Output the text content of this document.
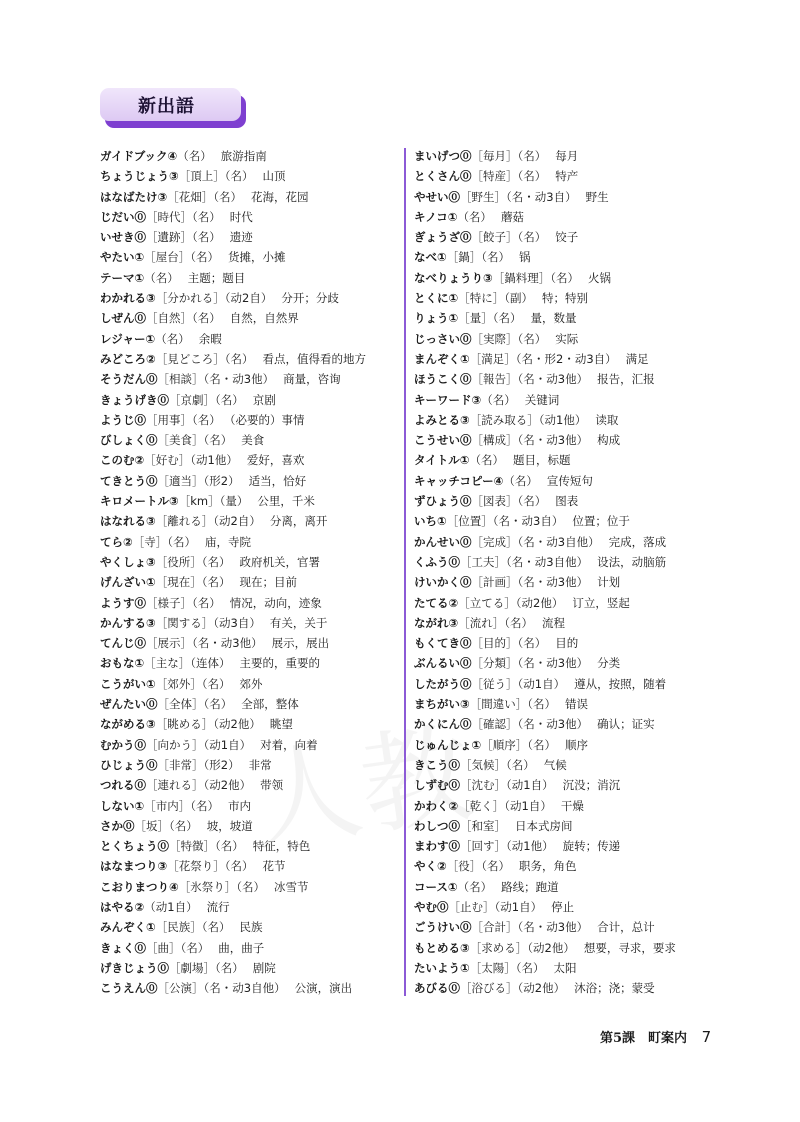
新出語
ガイドブック④（名） 旅游指南
ちょうじょう③［頂上］（名） 山顶
はなばたけ③［花畑］（名） 花海，花园
じだい⓪［時代］（名） 时代
いせき⓪［遺跡］（名） 遗迹
やたい①［屋台］（名） 货摊，小摊
テーマ①（名） 主题；题目
わかれる③［分かれる］（动2自） 分开；分歧
しぜん⓪［自然］（名） 自然，自然界
レジャー①（名） 余暇
みどころ②［見どころ］（名） 看点，值得看的地方
そうだん⓪［相談］（名・动3他） 商量，咨询
きょうげき⓪［京劇］（名） 京剧
ようじ⓪［用事］（名） （必要的）事情
びしょく⓪［美食］（名） 美食
このむ②［好む］（动1他） 爱好，喜欢
てきとう⓪［適当］（形2） 适当，恰好
キロメートル③［km］（量） 公里，千米
はなれる③［離れる］（动2自） 分离，离开
てら②［寺］（名） 庙，寺院
やくしょ③［役所］（名） 政府机关，官署
げんざい①［現在］（名） 现在；目前
ようす⓪［様子］（名） 情况，动向，迹象
かんする③［関する］（动3自） 有关，关于
てんじ⓪［展示］（名・动3他） 展示，展出
おもな①［主な］（连体） 主要的，重要的
こうがい①［郊外］（名） 郊外
ぜんたい⓪［全体］（名） 全部，整体
ながめる③［眺める］（动2他） 眺望
むかう⓪［向かう］（动1自） 对着，向着
ひじょう⓪［非常］（形2） 非常
つれる⓪［連れる］（动2他） 带领
しない①［市内］（名） 市内
さか⓪［坂］（名） 坡，坡道
とくちょう⓪［特徴］（名） 特征，特色
はなまつり③［花祭り］（名） 花节
こおりまつり④［氷祭り］（名） 冰雪节
はやる②（动1自） 流行
みんぞく①［民族］（名） 民族
きょく⓪［曲］（名） 曲，曲子
げきじょう⓪［劇場］（名） 剧院
こうえん⓪［公演］（名・动3自他） 公演，演出
まいげつ⓪［毎月］（名） 每月
とくさん⓪［特産］（名） 特产
やせい⓪［野生］（名・动3自） 野生
キノコ①（名） 蘑菇
ぎょうざ⓪［餃子］（名） 饺子
なべ①［鍋］（名） 锅
なべりょうり③［鍋料理］（名） 火锅
とくに①［特に］（副） 特；特别
りょう①［量］（名） 量，数量
じっさい⓪［実際］（名） 实际
まんぞく①［満足］（名・形2・动3自） 满足
ほうこく⓪［報告］（名・动3他） 报告，汇报
キーワード③（名） 关键词
よみとる③［読み取る］（动1他） 读取
こうせい⓪［構成］（名・动3他） 构成
タイトル①（名） 题目，标题
キャッチコピー④（名） 宣传短句
ずひょう⓪［図表］（名） 图表
いち①［位置］（名・动3自） 位置；位于
かんせい⓪［完成］（名・动3自他） 完成，落成
くふう⓪［工夫］（名・动3自他） 设法，动脑筋
けいかく⓪［計画］（名・动3他） 计划
たてる②［立てる］（动2他） 订立，竖起
ながれ③［流れ］（名） 流程
もくてき⓪［目的］（名） 目的
ぶんるい⓪［分類］（名・动3他） 分类
したがう⓪［従う］（动1自） 遵从，按照，随着
まちがい③［間違い］（名） 错误
かくにん⓪［確認］（名・动3他） 确认；证实
じゅんじょ①［順序］（名） 顺序
きこう⓪［気候］（名） 气候
しずむ⓪［沈む］（动1自） 沉没；消沉
かわく②［乾く］（动1自） 干燥
わしつ⓪［和室］ 日本式房间
まわす⓪［回す］（动1他） 旋转；传递
やく②［役］（名） 职务，角色
コース①（名） 路线；跑道
やむ⓪［止む］（动1自） 停止
ごうけい⓪［合計］（名・动3他） 合计，总计
もとめる③［求める］（动2他） 想要，寻求，要求
たいよう①［太陽］（名） 太阳
あびる⓪［浴びる］（动2他） 沐浴；浇；蒙受
第5課　町案内 7
